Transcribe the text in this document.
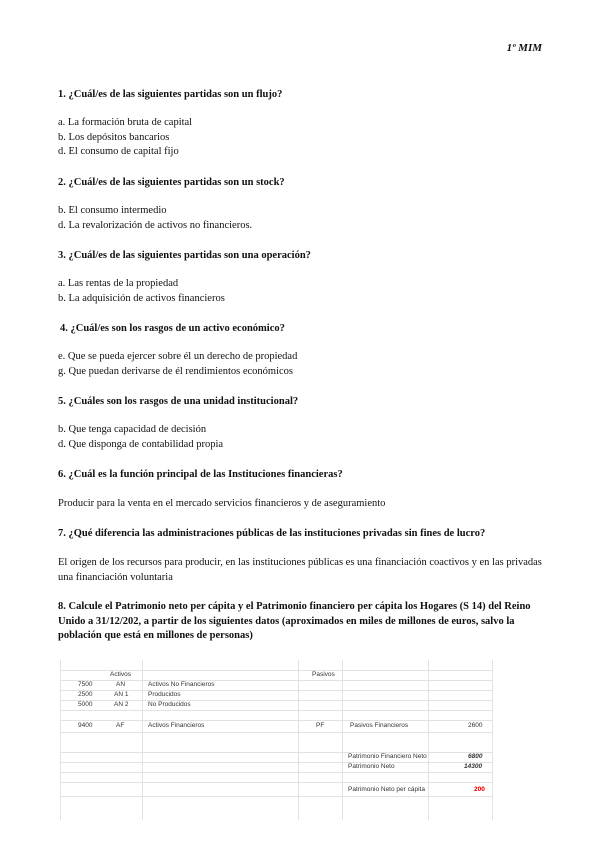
1º MIM
1. ¿Cuál/es de las siguientes partidas son un flujo?
a. La formación bruta de capital
b. Los depósitos bancarios
d. El consumo de capital fijo
2. ¿Cuál/es de las siguientes partidas son un stock?
b. El consumo intermedio
d. La revalorización de activos no financieros.
3. ¿Cuál/es de las siguientes partidas son una operación?
a. Las rentas de la propiedad
b. La adquisición de activos financieros
4. ¿Cuál/es son los rasgos de un activo económico?
e. Que se pueda ejercer sobre él un derecho de propiedad
g. Que puedan derivarse de él rendimientos económicos
5. ¿Cuáles son los rasgos de una unidad institucional?
b. Que tenga capacidad de decisión
d. Que disponga de contabilidad propia
6. ¿Cuál es la función principal de las Instituciones financieras?
Producir para la venta en el mercado servicios financieros y de aseguramiento
7. ¿Qué diferencia las administraciones públicas de las instituciones privadas sin fines de lucro?
El origen de los recursos para producir, en las instituciones públicas es una financiación coactivos y en las privadas una financiación voluntaria
8. Calcule el Patrimonio neto per cápita y el Patrimonio financiero per cápita los Hogares (S 14) del Reino Unido a 31/12/202, a partir de los siguientes datos (aproximados en miles de millones de euros, salvo la población que está en millones de personas)
Activos	Pasivos
7500	AN	Activos No Financieros
2500	AN 1	Producidos
5000	AN 2	No Producidos
9400	AF	Activos Financieros	PF	Pasivos Financieros	2600
Patrimonio Financiero Neto	6800
Patrimonio Neto	14300
Patrimonio Neto per cápita	200
